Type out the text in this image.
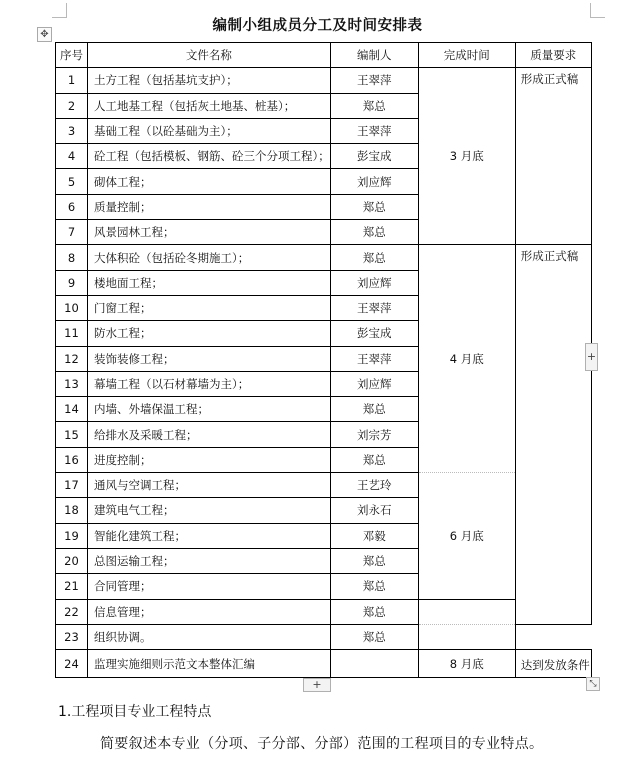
✥
编制小组成员分工及时间安排表
序号	文件名称	编制人	完成时间	质量要求
1	土方工程（包括基坑支护）；	王翠萍	3 月底	形成正式稿
2	人工地基工程（包括灰土地基、桩基）；	郑总		
3	基础工程（以砼基础为主）；	王翠萍		
4	砼工程（包括模板、钢筋、砼三个分项工程）；	彭宝成		
5	砌体工程；	刘应辉		
6	质量控制；	郑总		
7	风景园林工程；	郑总		
8	大体积砼（包括砼冬期施工）；	郑总	4 月底	形成正式稿
9	楼地面工程；	刘应辉		
10	门窗工程；	王翠萍		
11	防水工程；	彭宝成		
12	装饰装修工程；	王翠萍		
13	幕墙工程（以石材幕墙为主）；	刘应辉		
14	内墙、外墙保温工程；	郑总		
15	给排水及采暖工程；	刘宗芳		
16	进度控制；	郑总		
17	通风与空调工程；	王艺玲	6 月底	
18	建筑电气工程；	刘永石		
19	智能化建筑工程；	邓毅		
20	总图运输工程；	郑总		
21	合同管理；	郑总		
22	信息管理；	郑总		
23	组织协调。	郑总		
24	监理实施细则示范文本整体汇编		8 月底	达到发放条件
+
+	⤡
1.工程项目专业工程特点
简要叙述本专业（分项、子分部、分部）范围的工程项目的专业特点。
